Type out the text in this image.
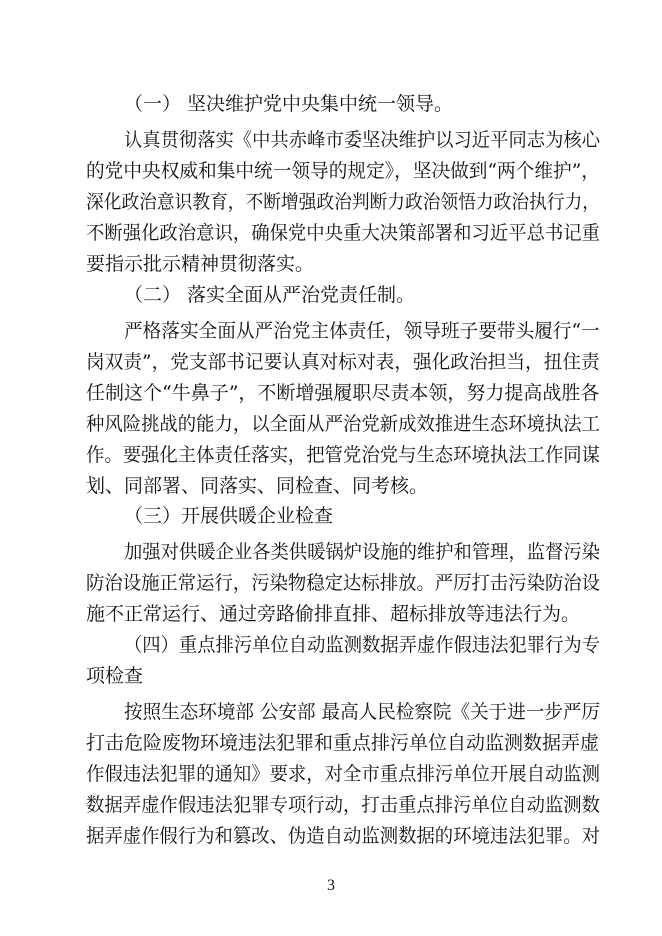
（一） 坚决维护党中央集中统一领导。
认真贯彻落实《中共赤峰市委坚决维护以习近平同志为核心
的党中央权威和集中统一领导的规定》，坚决做到“两个维护”，
深化政治意识教育，不断增强政治判断力政治领悟力政治执行力，
不断强化政治意识，确保党中央重大决策部署和习近平总书记重
要指示批示精神贯彻落实。
（二） 落实全面从严治党责任制。
严格落实全面从严治党主体责任，领导班子要带头履行“一
岗双责”，党支部书记要认真对标对表，强化政治担当，扭住责
任制这个“牛鼻子”，不断增强履职尽责本领，努力提高战胜各
种风险挑战的能力，以全面从严治党新成效推进生态环境执法工
作。要强化主体责任落实，把管党治党与生态环境执法工作同谋
划、同部署、同落实、同检查、同考核。
（三）开展供暖企业检查
加强对供暖企业各类供暖锅炉设施的维护和管理，监督污染
防治设施正常运行，污染物稳定达标排放。严厉打击污染防治设
施不正常运行、通过旁路偷排直排、超标排放等违法行为。
（四）重点排污单位自动监测数据弄虚作假违法犯罪行为专
项检查
按照生态环境部 公安部 最高人民检察院《关于进一步严厉
打击危险废物环境违法犯罪和重点排污单位自动监测数据弄虚
作假违法犯罪的通知》要求，对全市重点排污单位开展自动监测
数据弄虚作假违法犯罪专项行动，打击重点排污单位自动监测数
据弄虚作假行为和篡改、伪造自动监测数据的环境违法犯罪。对
3
